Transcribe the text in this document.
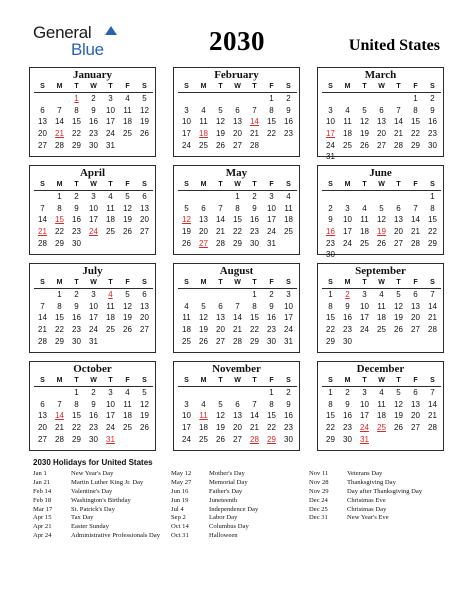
General
Blue	2030	United States
January
S	M	T	W	T	F	S
		1	2	3	4	5
6	7	8	9	10	11	12
13	14	15	16	17	18	19
20	21	22	23	24	25	26
27	28	29	30	31		

February
S	M	T	W	T	F	S
					1	2
3	4	5	6	7	8	9
10	11	12	13	14	15	16
17	18	19	20	21	22	23
24	25	26	27	28		

March
S	M	T	W	T	F	S
					1	2
3	4	5	6	7	8	9
10	11	12	13	14	15	16
17	18	19	20	21	22	23
24	25	26	27	28	29	30
31						
April
S	M	T	W	T	F	S
	1	2	3	4	5	6
7	8	9	10	11	12	13
14	15	16	17	18	19	20
21	22	23	24	25	26	27
28	29	30				

May
S	M	T	W	T	F	S
			1	2	3	4
5	6	7	8	9	10	11
12	13	14	15	16	17	18
19	20	21	22	23	24	25
26	27	28	29	30	31	

June
S	M	T	W	T	F	S
						1
2	3	4	5	6	7	8
9	10	11	12	13	14	15
16	17	18	19	20	21	22
23	24	25	26	27	28	29
30						
July
S	M	T	W	T	F	S
	1	2	3	4	5	6
7	8	9	10	11	12	13
14	15	16	17	18	19	20
21	22	23	24	25	26	27
28	29	30	31			

August
S	M	T	W	T	F	S
				1	2	3
4	5	6	7	8	9	10
11	12	13	14	15	16	17
18	19	20	21	22	23	24
25	26	27	28	29	30	31

September
S	M	T	W	T	F	S
1	2	3	4	5	6	7
8	9	10	11	12	13	14
15	16	17	18	19	20	21
22	23	24	25	26	27	28
29	30					

October
S	M	T	W	T	F	S
		1	2	3	4	5
6	7	8	9	10	11	12
13	14	15	16	17	18	19
20	21	22	23	24	25	26
27	28	29	30	31		

November
S	M	T	W	T	F	S
					1	2
3	4	5	6	7	8	9
10	11	12	13	14	15	16
17	18	19	20	21	22	23
24	25	26	27	28	29	30

December
S	M	T	W	T	F	S
1	2	3	4	5	6	7
8	9	10	11	12	13	14
15	16	17	18	19	20	21
22	23	24	25	26	27	28
29	30	31				

2030 Holidays for United States
Jan 1	New Year's Day
Jan 21	Martin Luther King Jr. Day
Feb 14	Valentine's Day
Feb 18	Washington's Birthday
Mar 17	St. Patrick's Day
Apr 15	Tax Day
Apr 21	Easter Sunday
Apr 24	Administrative Professionals Day
May 12	Mother's Day
May 27	Memorial Day
Jun 16	Father's Day
Jun 19	Juneteenth
Jul 4	Independence Day
Sep 2	Labor Day
Oct 14	Columbus Day
Oct 31	Halloween
Nov 11	Veterans Day
Nov 28	Thanksgiving Day
Nov 29	Day after Thanksgiving Day
Dec 24	Christmas Eve
Dec 25	Christmas Day
Dec 31	New Year's Eve
